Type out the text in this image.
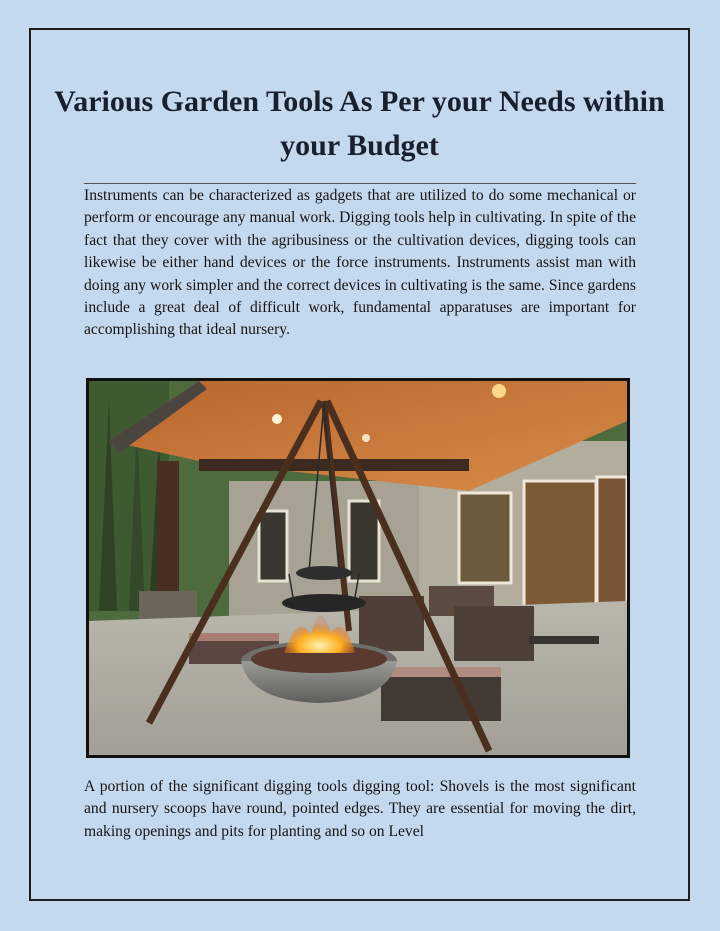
Various Garden Tools As Per your Needs within your Budget

Instruments can be characterized as gadgets that are utilized to do some mechanical or perform or encourage any manual work. Digging tools help in cultivating. In spite of the fact that they cover with the agribusiness or the cultivation devices, digging tools can likewise be either hand devices or the force instruments. Instruments assist man with doing any work simpler and the correct devices in cultivating is the same. Since gardens include a great deal of difficult work, fundamental apparatuses are important for accomplishing that ideal nursery.

A portion of the significant digging tools digging tool: Shovels is the most significant and nursery scoops have round, pointed edges. They are essential for moving the dirt, making openings and pits for planting and so on Level
